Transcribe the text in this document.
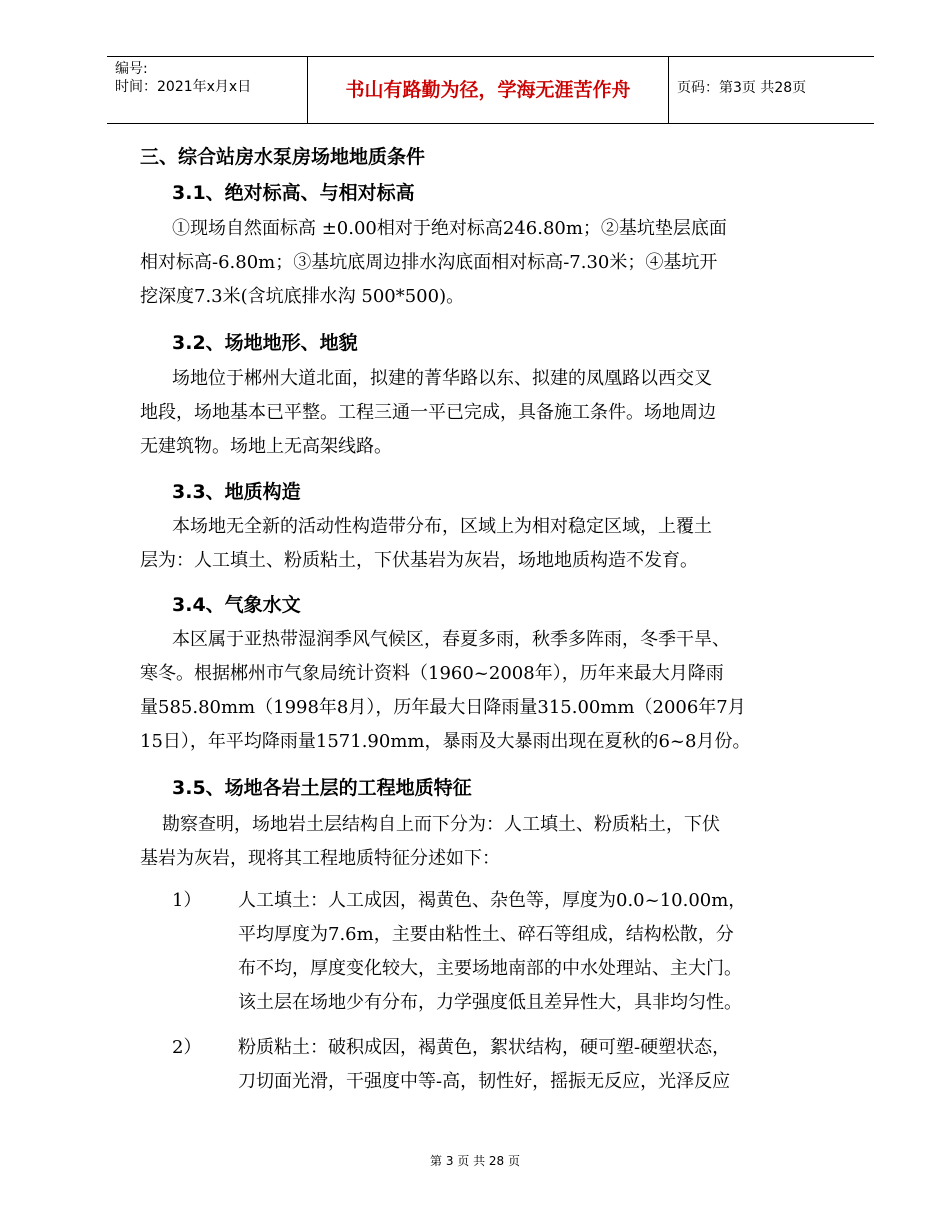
编号:
时间：2021年x月x日	书山有路勤为径，学海无涯苦作舟	页码：第3页 共28页
三、综合站房水泵房场地地质条件
3.1、绝对标高、与相对标高
①现场自然面标高 ±0.00相对于绝对标高246.80m；②基坑垫层底面
相对标高-6.80m；③基坑底周边排水沟底面相对标高-7.30米；④基坑开
挖深度7.3米(含坑底排水沟 500*500)。
3.2、场地地形、地貌
场地位于郴州大道北面，拟建的菁华路以东、拟建的凤凰路以西交叉
地段，场地基本已平整。工程三通一平已完成，具备施工条件。场地周边
无建筑物。场地上无高架线路。
3.3、地质构造
本场地无全新的活动性构造带分布，区域上为相对稳定区域，上覆土
层为：人工填土、粉质粘土，下伏基岩为灰岩，场地地质构造不发育。
3.4、气象水文
本区属于亚热带湿润季风气候区，春夏多雨，秋季多阵雨，冬季干旱、
寒冬。根据郴州市气象局统计资料（1960~2008年），历年来最大月降雨
量585.80mm（1998年8月），历年最大日降雨量315.00mm（2006年7月
15日），年平均降雨量1571.90mm，暴雨及大暴雨出现在夏秋的6~8月份。
3.5、场地各岩土层的工程地质特征
勘察查明，场地岩土层结构自上而下分为：人工填土、粉质粘土，下伏
基岩为灰岩，现将其工程地质特征分述如下：
1） 人工填土：人工成因，褐黄色、杂色等，厚度为0.0~10.00m，
平均厚度为7.6m，主要由粘性土、碎石等组成，结构松散，分
布不均，厚度变化较大，主要场地南部的中水处理站、主大门。
该土层在场地少有分布，力学强度低且差异性大，具非均匀性。
2） 粉质粘土：破积成因，褐黄色，絮状结构，硬可塑-硬塑状态，
刀切面光滑，干强度中等-高，韧性好，摇振无反应，光泽反应
第 3 页 共 28 页
